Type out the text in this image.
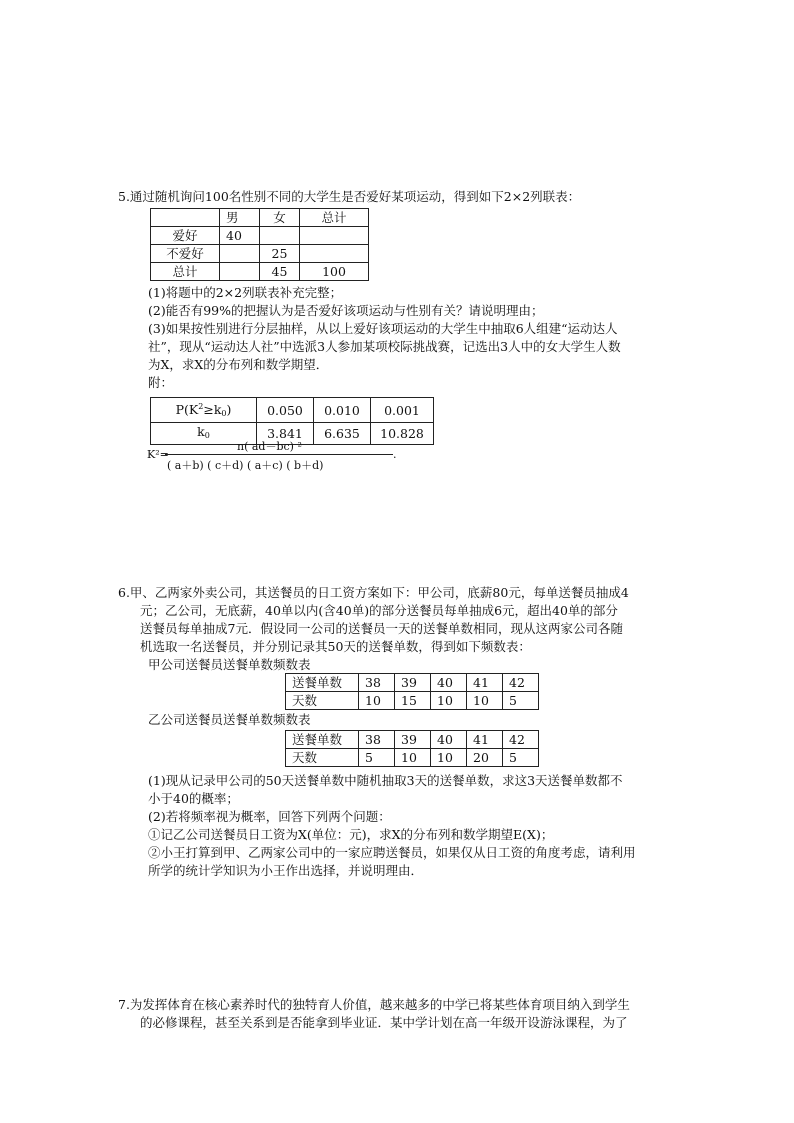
5.通过随机询问100名性别不同的大学生是否爱好某项运动，得到如下2×2列联表：
	男	女	总计
爱好	40		
不爱好		25	
总计		45	100
(1)将题中的2×2列联表补充完整；
(2)能否有99%的把握认为是否爱好该项运动与性别有关？请说明理由；
(3)如果按性别进行分层抽样，从以上爱好该项运动的大学生中抽取6人组建“运动达人
社”，现从“运动达人社”中选派3人参加某项校际挑战赛，记选出3人中的女大学生人数
为X，求X的分布列和数学期望．
附：
$P(K^2\ge k_0)$	0.050	0.010	0.001
$k_0$	3.841	6.635	10.828
K²=
n( ad－bc) ²
( a＋b) ( c＋d) ( a＋c) ( b＋d)
.
6.甲、乙两家外卖公司，其送餐员的日工资方案如下：甲公司，底薪80元，每单送餐员抽成4
元；乙公司，无底薪，40单以内(含40单)的部分送餐员每单抽成6元，超出40单的部分
送餐员每单抽成7元．假设同一公司的送餐员一天的送餐单数相同，现从这两家公司各随
机选取一名送餐员，并分别记录其50天的送餐单数，得到如下频数表：
甲公司送餐员送餐单数频数表
送餐单数	38	39	40	41	42
天数	10	15	10	10	5
乙公司送餐员送餐单数频数表
送餐单数	38	39	40	41	42
天数	5	10	10	20	5
(1)现从记录甲公司的50天送餐单数中随机抽取3天的送餐单数，求这3天送餐单数都不
小于40的概率；
(2)若将频率视为概率，回答下列两个问题：
①记乙公司送餐员日工资为X(单位：元)，求X的分布列和数学期望E(X)；
②小王打算到甲、乙两家公司中的一家应聘送餐员，如果仅从日工资的角度考虑，请利用
所学的统计学知识为小王作出选择，并说明理由．
7.为发挥体育在核心素养时代的独特育人价值，越来越多的中学已将某些体育项目纳入到学生
的必修课程，甚至关系到是否能拿到毕业证．某中学计划在高一年级开设游泳课程，为了
